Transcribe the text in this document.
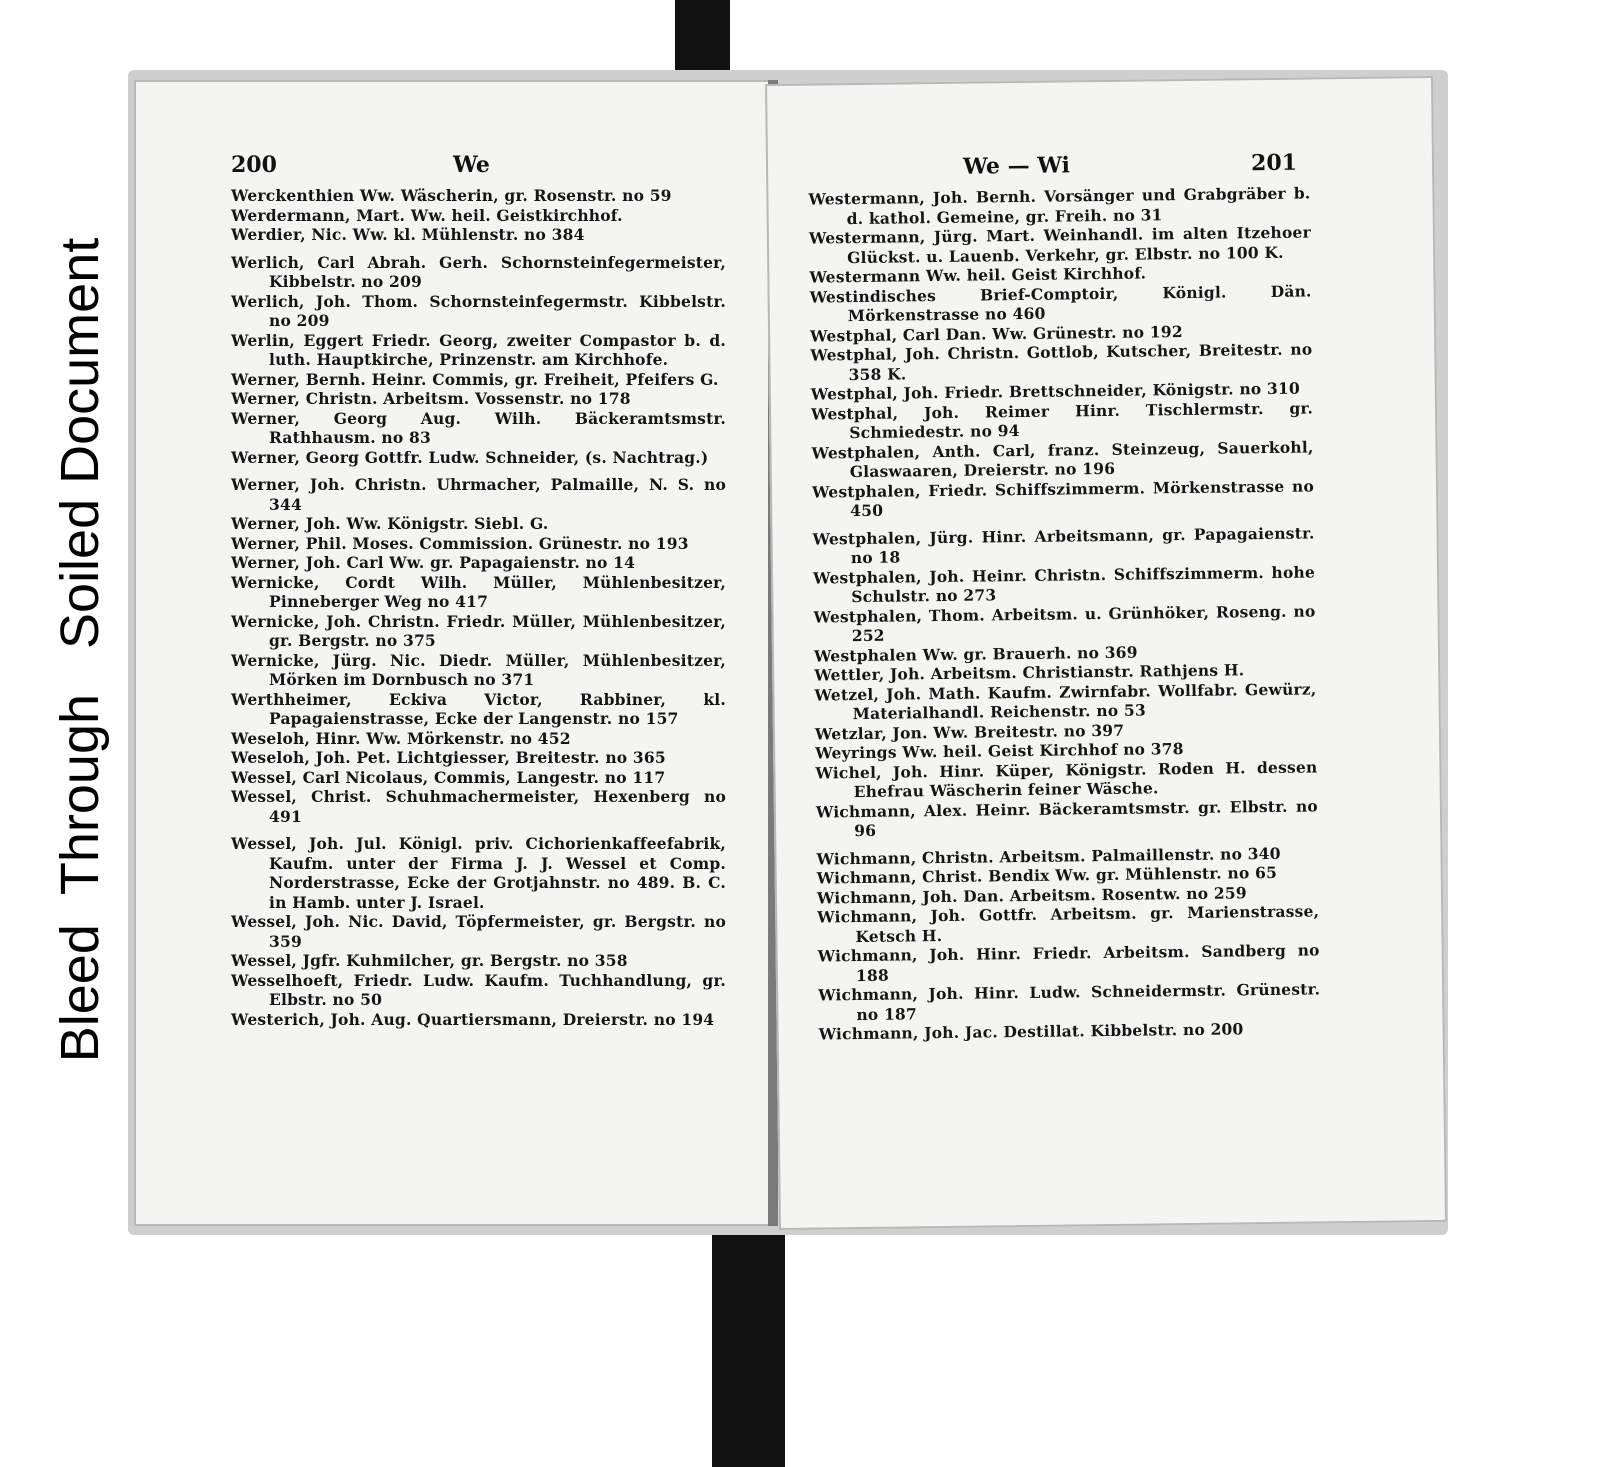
Bleed  Through   Soiled Document
200	We

Werckenthien Ww. Wäscherin, gr. Rosenstr. no 59

Werdermann, Mart. Ww. heil. Geistkirchhof.

Werdier, Nic. Ww. kl. Mühlenstr. no 384

Werlich, Carl Abrah. Gerh. Schornsteinfegermeister, Kibbelstr. no 209

Werlich, Joh. Thom. Schornsteinfegermstr. Kibbelstr. no 209

Werlin, Eggert Friedr. Georg, zweiter Compastor b. d. luth. Hauptkirche, Prinzenstr. am Kirchhofe.

Werner, Bernh. Heinr. Commis, gr. Freiheit, Pfeifers G.

Werner, Christn. Arbeitsm. Vossenstr. no 178

Werner, Georg Aug. Wilh. Bäckeramtsmstr. Rathhausm. no 83

Werner, Georg Gottfr. Ludw. Schneider, (s. Nachtrag.)

Werner, Joh. Christn. Uhrmacher, Palmaille, N. S. no 344

Werner, Joh. Ww. Königstr. Siebl. G.

Werner, Phil. Moses. Commission. Grünestr. no 193

Werner, Joh. Carl Ww. gr. Papagaienstr. no 14

Wernicke, Cordt Wilh. Müller, Mühlenbesitzer, Pinneberger Weg no 417

Wernicke, Joh. Christn. Friedr. Müller, Mühlenbesitzer, gr. Bergstr. no 375

Wernicke, Jürg. Nic. Diedr. Müller, Mühlenbesitzer, Mörken im Dornbusch no 371

Werthheimer, Eckiva Victor, Rabbiner, kl. Papagaienstrasse, Ecke der Langenstr. no 157

Weseloh, Hinr. Ww. Mörkenstr. no 452

Weseloh, Joh. Pet. Lichtgiesser, Breitestr. no 365

Wessel, Carl Nicolaus, Commis, Langestr. no 117

Wessel, Christ. Schuhmachermeister, Hexenberg no 491

Wessel, Joh. Jul. Königl. priv. Cichorienkaffeefabrik, Kaufm. unter der Firma J. J. Wessel et Comp. Norderstrasse, Ecke der Grotjahnstr. no 489. B. C. in Hamb. unter J. Israel.

Wessel, Joh. Nic. David, Töpfermeister, gr. Bergstr. no 359

Wessel, Jgfr. Kuhmilcher, gr. Bergstr. no 358

Wesselhoeft, Friedr. Ludw. Kaufm. Tuchhandlung, gr. Elbstr. no 50

Westerich, Joh. Aug. Quartiersmann, Dreierstr. no 194

We — Wi	201

Westermann, Joh. Bernh. Vorsänger und Grabgräber b. d. kathol. Gemeine, gr. Freih. no 31

Westermann, Jürg. Mart. Weinhandl. im alten Itzehoer Glückst. u. Lauenb. Verkehr, gr. Elbstr. no 100 K.

Westermann Ww. heil. Geist Kirchhof.

Westindisches Brief-Comptoir, Königl. Dän. Mörkenstrasse no 460

Westphal, Carl Dan. Ww. Grünestr. no 192

Westphal, Joh. Christn. Gottlob, Kutscher, Breitestr. no 358 K.

Westphal, Joh. Friedr. Brettschneider, Königstr. no 310

Westphal, Joh. Reimer Hinr. Tischlermstr. gr. Schmiedestr. no 94

Westphalen, Anth. Carl, franz. Steinzeug, Sauerkohl, Glaswaaren, Dreierstr. no 196

Westphalen, Friedr. Schiffszimmerm. Mörkenstrasse no 450

Westphalen, Jürg. Hinr. Arbeitsmann, gr. Papagaienstr. no 18

Westphalen, Joh. Heinr. Christn. Schiffszimmerm. hohe Schulstr. no 273

Westphalen, Thom. Arbeitsm. u. Grünhöker, Roseng. no 252

Westphalen Ww. gr. Brauerh. no 369

Wettler, Joh. Arbeitsm. Christianstr. Rathjens H.

Wetzel, Joh. Math. Kaufm. Zwirnfabr. Wollfabr. Gewürz, Materialhandl. Reichenstr. no 53

Wetzlar, Jon. Ww. Breitestr. no 397

Weyrings Ww. heil. Geist Kirchhof no 378

Wichel, Joh. Hinr. Küper, Königstr. Roden H. dessen Ehefrau Wäscherin feiner Wäsche.

Wichmann, Alex. Heinr. Bäckeramtsmstr. gr. Elbstr. no 96

Wichmann, Christn. Arbeitsm. Palmaillenstr. no 340

Wichmann, Christ. Bendix Ww. gr. Mühlenstr. no 65

Wichmann, Joh. Dan. Arbeitsm. Rosentw. no 259

Wichmann, Joh. Gottfr. Arbeitsm. gr. Marienstrasse, Ketsch H.

Wichmann, Joh. Hinr. Friedr. Arbeitsm. Sandberg no 188

Wichmann, Joh. Hinr. Ludw. Schneidermstr. Grünestr. no 187

Wichmann, Joh. Jac. Destillat. Kibbelstr. no 200
